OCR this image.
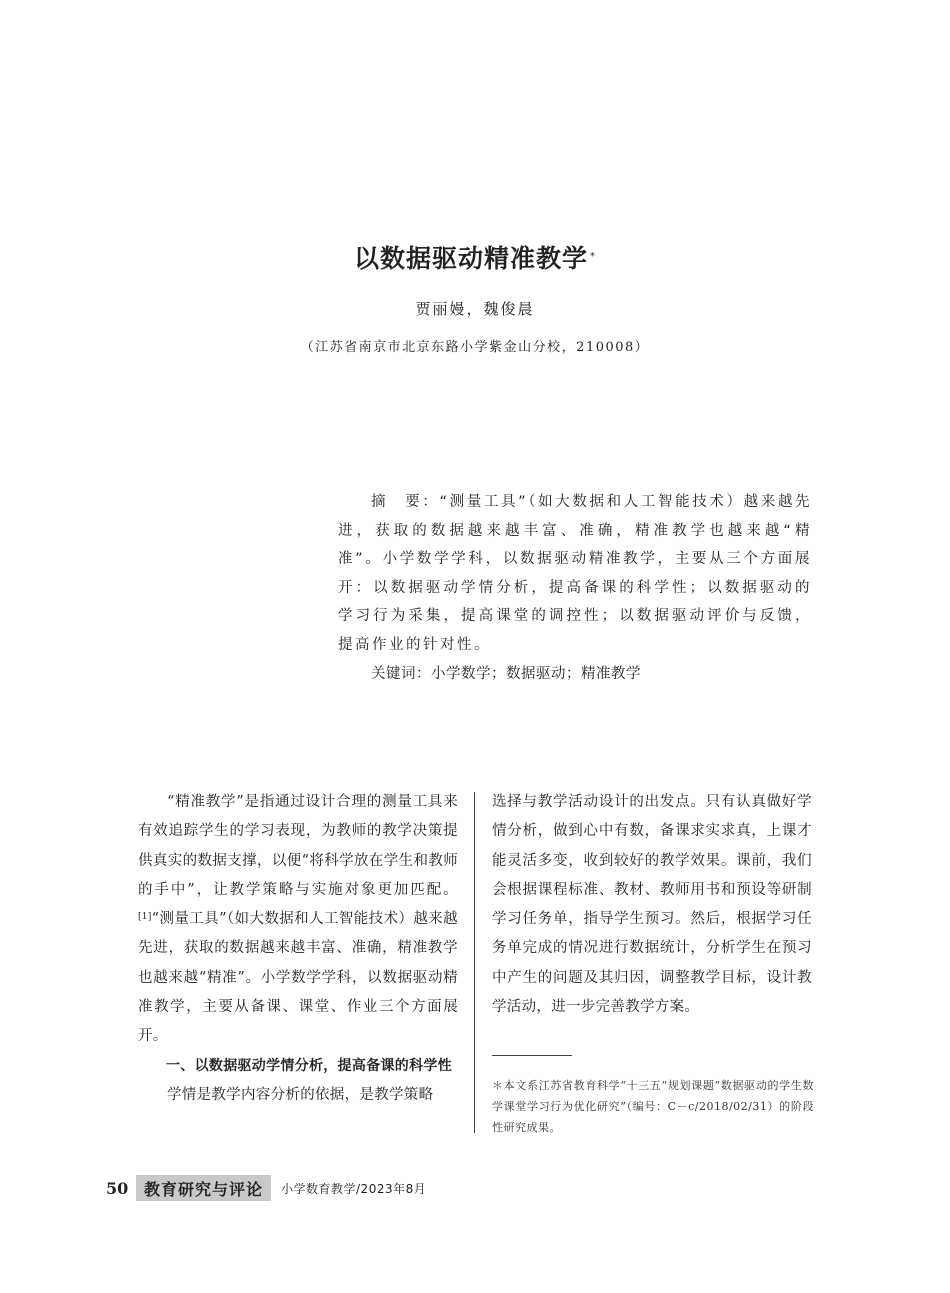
以数据驱动精准教学 *
贾丽嫚，魏俊晨
（江苏省南京市北京东路小学紫金山分校，210008）

摘　要：“测量工具”（如大数据和人工智能技术）越来越先进，获取的数据越来越丰富、准确，精准教学也越来越“精准”。小学数学学科，以数据驱动精准教学，主要从三个方面展开：以数据驱动学情分析，提高备课的科学性；以数据驱动的学习行为采集，提高课堂的调控性；以数据驱动评价与反馈，提高作业的针对性。

关键词：小学数学；数据驱动；精准教学

“精准教学”是指通过设计合理的测量工具来有效追踪学生的学习表现，为教师的教学决策提供真实的数据支撑，以便“将科学放在学生和教师的手中”，让教学策略与实施对象更加匹配。[1]“测量工具”（如大数据和人工智能技术）越来越先进，获取的数据越来越丰富、准确，精准教学也越来越“精准”。小学数学学科，以数据驱动精准教学，主要从备课、课堂、作业三个方面展开。

一、以数据驱动学情分析，提高备课的科学性

学情是教学内容分析的依据，是教学策略

选择与教学活动设计的出发点。只有认真做好学情分析，做到心中有数，备课求实求真，上课才能灵活多变，收到较好的教学效果。课前，我们会根据课程标准、教材、教师用书和预设等研制学习任务单，指导学生预习。然后，根据学习任务单完成的情况进行数据统计，分析学生在预习中产生的问题及其归因，调整教学目标，设计教学活动，进一步完善教学方案。

＊本文系江苏省教育科学“十三五”规划课题“数据驱动的学生数学课堂学习行为优化研究”（编号：C－c/2018/02/31）的阶段性研究成果。
50 教育研究与评论	小学数育教学/2023年8月
